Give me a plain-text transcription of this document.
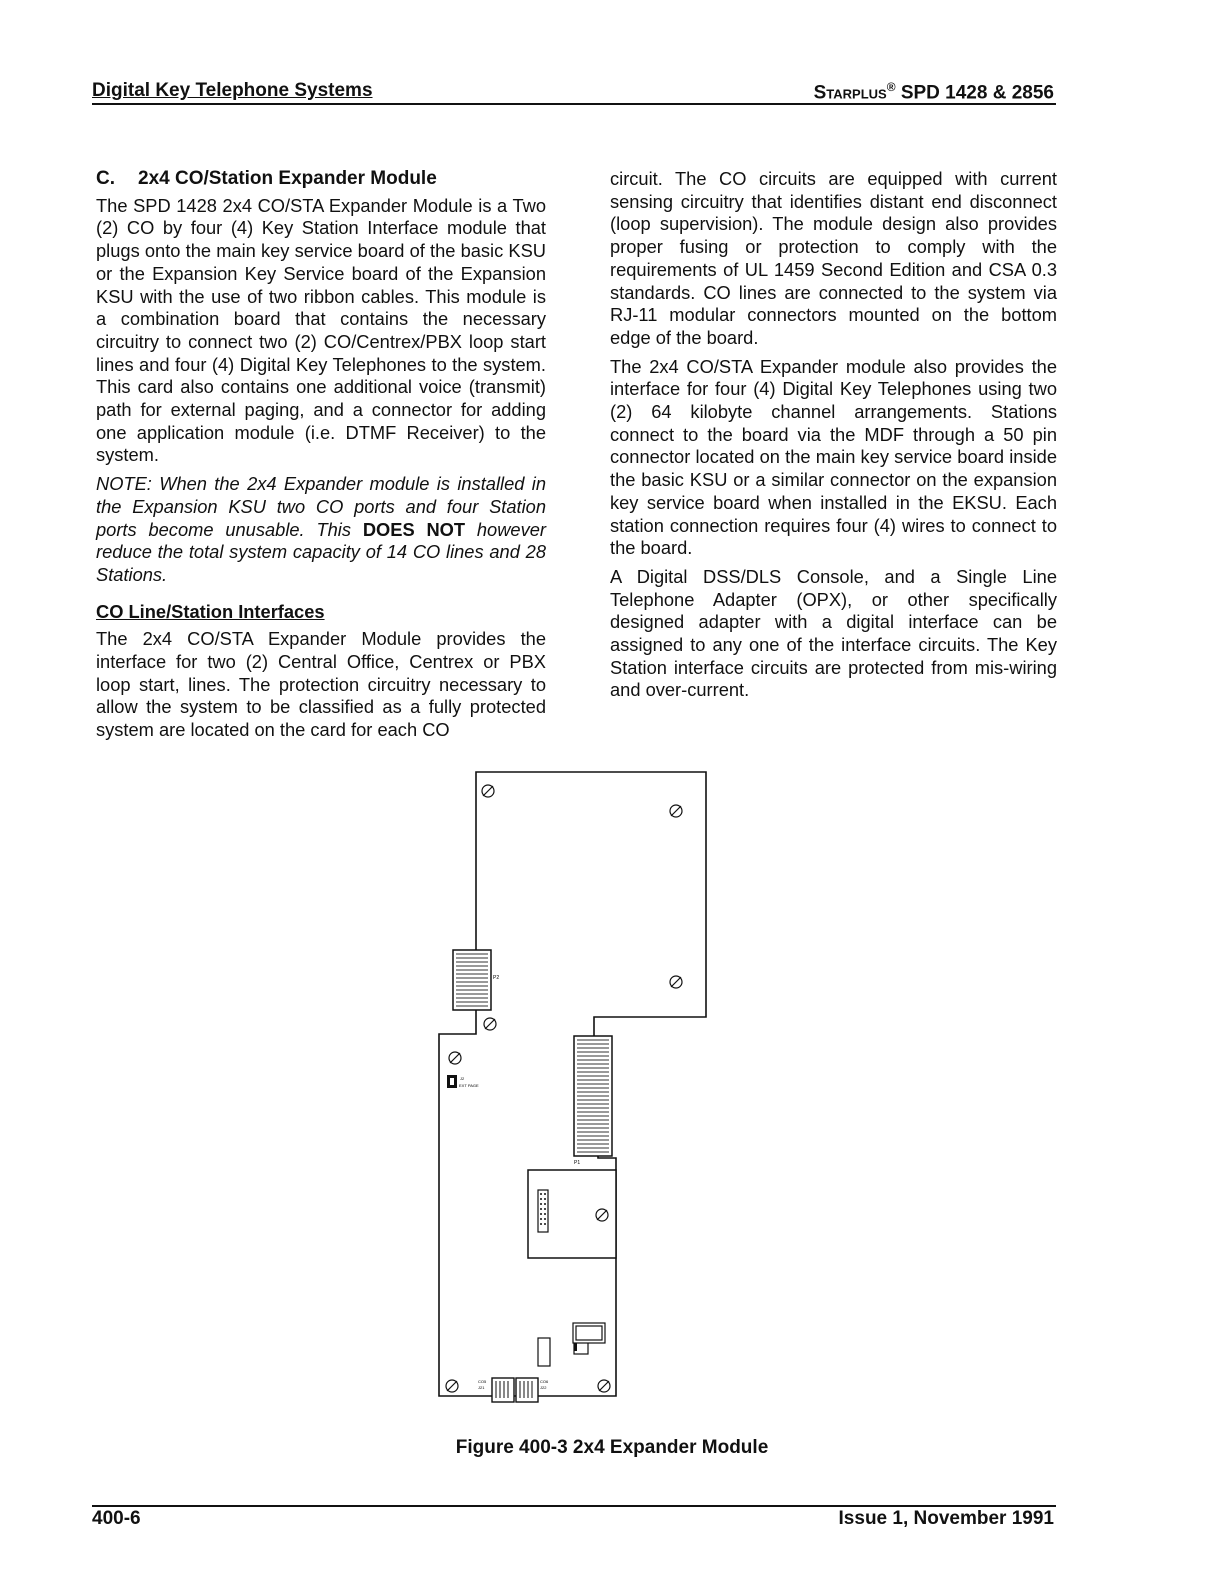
Digital Key Telephone Systems	Starplus® SPD 1428 & 2856
C. 2x4 CO/Station Expander Module

The SPD 1428 2x4 CO/STA Expander Module is a Two (2) CO by four (4) Key Station Interface module that plugs onto the main key service board of the basic KSU or the Expansion Key Service board of the Expansion KSU with the use of two ribbon cables. This module is a combination board that contains the necessary circuitry to connect two (2) CO/Centrex/PBX loop start lines and four (4) Digital Key Telephones to the system. This card also contains one additional voice (transmit) path for external paging, and a connector for adding one application module (i.e. DTMF Receiver) to the system.

NOTE: When the 2x4 Expander module is installed in the Expansion KSU two CO ports and four Station ports become unusable. This DOES NOT however reduce the total system capacity of 14 CO lines and 28 Stations.

CO Line/Station Interfaces

The 2x4 CO/STA Expander Module provides the interface for two (2) Central Office, Centrex or PBX loop start, lines. The protection circuitry necessary to allow the system to be classified as a fully protected system are located on the card for each CO

circuit. The CO circuits are equipped with current sensing circuitry that identifies distant end disconnect (loop supervision). The module design also provides proper fusing or protection to comply with the requirements of UL 1459 Second Edition and CSA 0.3 standards. CO lines are connected to the system via RJ-11 modular connectors mounted on the bottom edge of the board.

The 2x4 CO/STA Expander module also provides the interface for four (4) Digital Key Telephones using two (2) 64 kilobyte channel arrangements. Stations connect to the board via the MDF through a 50 pin connector located on the main key service board inside the basic KSU or a similar connector on the expansion key service board when installed in the EKSU. Each station connection requires four (4) wires to connect to the board.

A Digital DSS/DLS Console, and a Single Line Telephone Adapter (OPX), or other specifically designed adapter with a digital interface can be assigned to any one of the interface circuits. The Key Station interface circuits are protected from mis-wiring and over-current.

P2
P1
J2
EXT PAGE
CO5
J21
CO6
J22
Figure 400-3 2x4 Expander Module
400-6	Issue 1, November 1991
